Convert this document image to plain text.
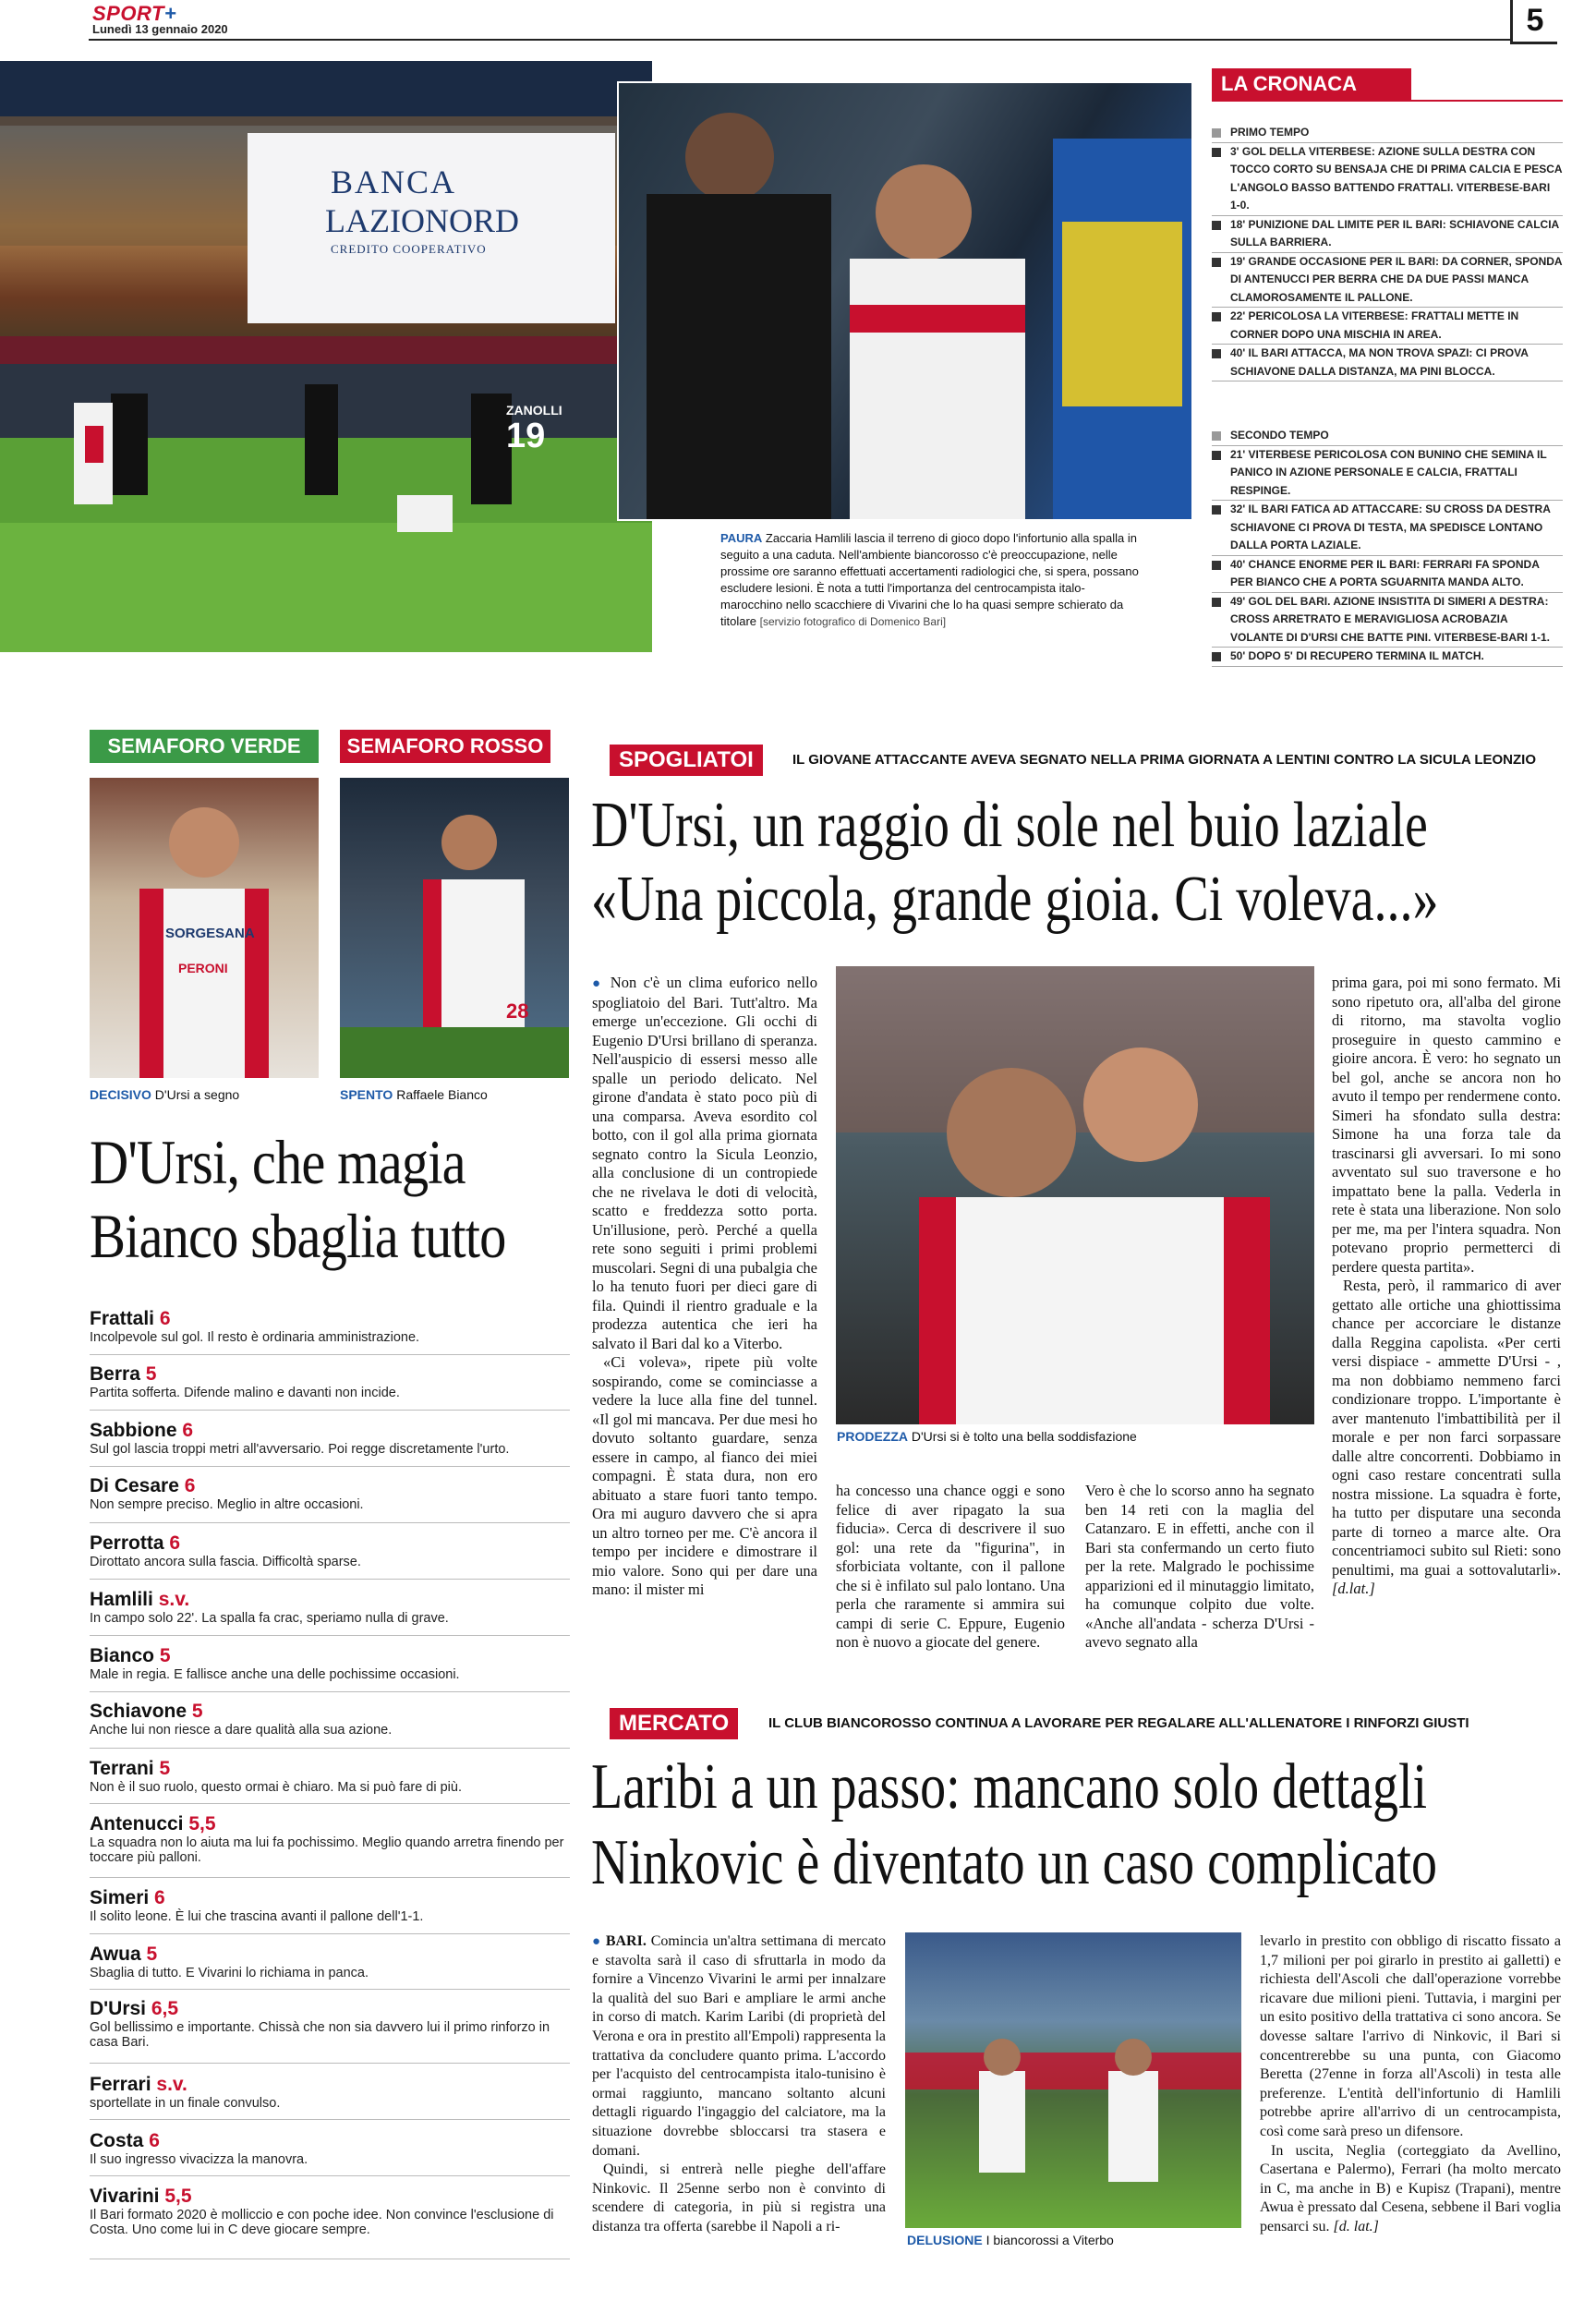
SPORT+
Lunedì 13 gennaio 2020	5
BANCA
LAZIONORD
CREDITO COOPERATIVO
ZANOLLI
19
PAURA Zaccaria Hamlili lascia il terreno di gioco dopo l'infortunio alla spalla in seguito a una caduta. Nell'ambiente biancorosso c'è preoccupazione, nelle prossime ore saranno effettuati accertamenti radiologici che, si spera, possano escludere lesioni. È nota a tutti l'importanza del centrocampista italo-marocchino nello scacchiere di Vivarini che lo ha quasi sempre schierato da titolare [servizio fotografico di Domenico Bari]
LA CRONACA
PRIMO TEMPO
3' GOL DELLA VITERBESE: AZIONE SULLA DESTRA CON TOCCO CORTO SU BENSAJA CHE DI PRIMA CALCIA E PESCA L'ANGOLO BASSO BATTENDO FRATTALI. VITERBESE-BARI 1-0.
18' PUNIZIONE DAL LIMITE PER IL BARI: SCHIAVONE CALCIA SULLA BARRIERA.
19' GRANDE OCCASIONE PER IL BARI: DA CORNER, SPONDA DI ANTENUCCI PER BERRA CHE DA DUE PASSI MANCA CLAMOROSAMENTE IL PALLONE.
22' PERICOLOSA LA VITERBESE: FRATTALI METTE IN CORNER DOPO UNA MISCHIA IN AREA.
40' IL BARI ATTACCA, MA NON TROVA SPAZI: CI PROVA SCHIAVONE DALLA DISTANZA, MA PINI BLOCCA.
SECONDO TEMPO
21' VITERBESE PERICOLOSA CON BUNINO CHE SEMINA IL PANICO IN AZIONE PERSONALE E CALCIA, FRATTALI RESPINGE.
32' IL BARI FATICA AD ATTACCARE: SU CROSS DA DESTRA SCHIAVONE CI PROVA DI TESTA, MA SPEDISCE LONTANO DALLA PORTA LAZIALE.
40' CHANCE ENORME PER IL BARI: FERRARI FA SPONDA PER BIANCO CHE A PORTA SGUARNITA MANDA ALTO.
49' GOL DEL BARI. AZIONE INSISTITA DI SIMERI A DESTRA: CROSS ARRETRATO E MERAVIGLIOSA ACROBAZIA VOLANTE DI D'URSI CHE BATTE PINI. VITERBESE-BARI 1-1.
50' DOPO 5' DI RECUPERO TERMINA IL MATCH.
SEMAFORO VERDE	SEMAFORO ROSSO
SORGESANA
PERONI
28
DECISIVO D'Ursi a segno	SPENTO Raffaele Bianco
D'Ursi, che magia
Bianco sbaglia tutto
Frattali 6
Incolpevole sul gol. Il resto è ordinaria amministrazione.
Berra 5
Partita sofferta. Difende malino e davanti non incide.
Sabbione 6
Sul gol lascia troppi metri all'avversario. Poi regge discretamente l'urto.
Di Cesare 6
Non sempre preciso. Meglio in altre occasioni.
Perrotta 6
Dirottato ancora sulla fascia. Difficoltà sparse.
Hamlili s.v.
In campo solo 22'. La spalla fa crac, speriamo nulla di grave.
Bianco 5
Male in regia. E fallisce anche una delle pochissime occasioni.
Schiavone 5
Anche lui non riesce a dare qualità alla sua azione.
Terrani 5
Non è il suo ruolo, questo ormai è chiaro. Ma si può fare di più.
Antenucci 5,5
La squadra non lo aiuta ma lui fa pochissimo. Meglio quando arretra finendo per toccare più palloni.
Simeri 6
Il solito leone. È lui che trascina avanti il pallone dell'1-1.
Awua 5
Sbaglia di tutto. E Vivarini lo richiama in panca.
D'Ursi 6,5
Gol bellissimo e importante. Chissà che non sia davvero lui il primo rinforzo in casa Bari.
Ferrari s.v.
sportellate in un finale convulso.
Costa 6
Il suo ingresso vivacizza la manovra.
Vivarini 5,5
Il Bari formato 2020 è molliccio e con poche idee. Non convince l'esclusione di Costa. Uno come lui in C deve giocare sempre.
SPOGLIATOI	IL GIOVANE ATTACCANTE AVEVA SEGNATO NELLA PRIMA GIORNATA A LENTINI CONTRO LA SICULA LEONZIO
D'Ursi, un raggio di sole nel buio laziale
«Una piccola, grande gioia. Ci voleva...»

● Non c'è un clima euforico nello spogliatoio del Bari. Tutt'altro. Ma emerge un'eccezione. Gli occhi di Eugenio D'Ursi brillano di speranza. Nell'auspicio di essersi messo alle spalle un periodo delicato. Nel girone d'andata è stato poco più di una comparsa. Aveva esordito col botto, con il gol alla prima giornata segnato contro la Sicula Leonzio, alla conclusione di un contropiede che ne rivelava le doti di velocità, scatto e freddezza sotto porta. Un'illusione, però. Perché a quella rete sono seguiti i primi problemi muscolari. Segni di una pubalgia che lo ha tenuto fuori per dieci gare di fila. Quindi il rientro graduale e la prodezza autentica che ieri ha salvato il Bari dal ko a Viterbo.

«Ci voleva», ripete più volte sospirando, come se cominciasse a vedere la luce alla fine del tunnel. «Il gol mi mancava. Per due mesi ho dovuto soltanto guardare, senza essere in campo, al fianco dei miei compagni. È stata dura, non ero abituato a stare fuori tanto tempo. Ora mi auguro davvero che si apra un altro torneo per me. C'è ancora il tempo per incidere e dimostrare il mio valore. Sono qui per dare una mano: il mister mi

PRODEZZA D'Ursi si è tolto una bella soddisfazione

ha concesso una chance oggi e sono felice di aver ripagato la sua fiducia». Cerca di descrivere il suo gol: una rete da "figurina", in sforbiciata voltante, con il pallone che si è infilato sul palo lontano. Una perla che raramente si ammira sui campi di serie C. Eppure, Eugenio non è nuovo a giocate del genere.

Vero è che lo scorso anno ha segnato ben 14 reti con la maglia del Catanzaro. E in effetti, anche con il Bari sta confermando un certo fiuto per la rete. Malgrado le pochissime apparizioni ed il minutaggio limitato, ha comunque colpito due volte. «Anche all'andata - scherza D'Ursi - avevo segnato alla

prima gara, poi mi sono fermato. Mi sono ripetuto ora, all'alba del girone di ritorno, ma stavolta voglio proseguire in questo cammino e gioire ancora. È vero: ho segnato un bel gol, anche se ancora non ho avuto il tempo per rendermene conto. Simeri ha sfondato sulla destra: Simone ha una forza tale da trascinarsi gli avversari. Io mi sono avventato sul suo traversone e ho impattato bene la palla. Vederla in rete è stata una liberazione. Non solo per me, ma per l'intera squadra. Non potevano proprio permetterci di perdere questa partita».

Resta, però, il rammarico di aver gettato alle ortiche una ghiottissima chance per accorciare le distanze dalla Reggina capolista. «Per certi versi dispiace - ammette D'Ursi - , ma non dobbiamo nemmeno farci condizionare troppo. L'importante è aver mantenuto l'imbattibilità per il morale e per non farci sorpassare dalle altre concorrenti. Dobbiamo in ogni caso restare concentrati sulla nostra missione. La squadra è forte, ha tutto per disputare una seconda parte di torneo a marce alte. Ora concentriamoci subito sul Rieti: sono penultimi, ma guai a sottovalutarli». [d.lat.]

MERCATO	IL CLUB BIANCOROSSO CONTINUA A LAVORARE PER REGALARE ALL'ALLENATORE I RINFORZI GIUSTI
Laribi a un passo: mancano solo dettagli
Ninkovic è diventato un caso complicato

● BARI. Comincia un'altra settimana di mercato e stavolta sarà il caso di sfruttarla in modo da fornire a Vincenzo Vivarini le armi per innalzare la qualità del suo Bari e ampliare le armi anche in corso di match. Karim Laribi (di proprietà del Verona e ora in prestito all'Empoli) rappresenta la trattativa da concludere quanto prima. L'accordo per l'acquisto del centrocampista italo-tunisino è ormai raggiunto, mancano soltanto alcuni dettagli riguardo l'ingaggio del calciatore, ma la situazione dovrebbe sbloccarsi tra stasera e domani.

Quindi, si entrerà nelle pieghe dell'affare Ninkovic. Il 25enne serbo non è convinto di scendere di categoria, in più si registra una distanza tra offerta (sarebbe il Napoli a ri-

DELUSIONE I biancorossi a Viterbo

levarlo in prestito con obbligo di riscatto fissato a 1,7 milioni per poi girarlo in prestito ai galletti) e richiesta dell'Ascoli che dall'operazione vorrebbe ricavare due milioni pieni. Tuttavia, i margini per un esito positivo della trattativa ci sono ancora. Se dovesse saltare l'arrivo di Ninkovic, il Bari si concentrerebbe su una punta, con Giacomo Beretta (27enne in forza all'Ascoli) in testa alle preferenze. L'entità dell'infortunio di Hamlili potrebbe aprire all'arrivo di un centrocampista, così come sarà preso un difensore.

In uscita, Neglia (corteggiato da Avellino, Casertana e Palermo), Ferrari (ha molto mercato in C, ma anche in B) e Kupisz (Trapani), mentre Awua è pressato dal Cesena, sebbene il Bari voglia pensarci su. [d. lat.]
